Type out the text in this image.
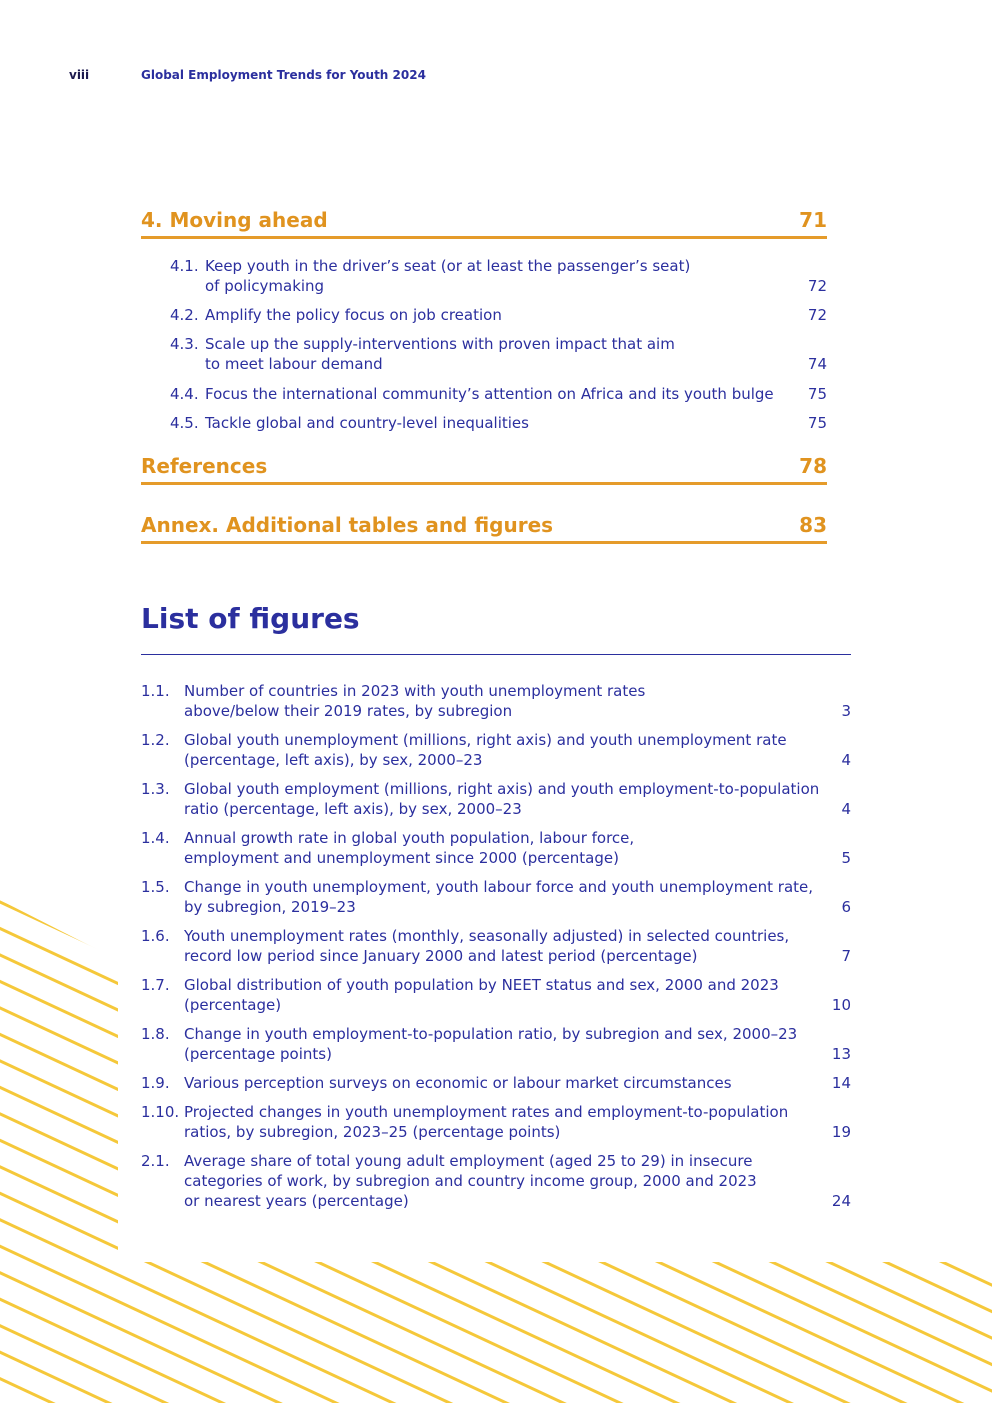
viii	Global Employment Trends for Youth 2024
4. Moving ahead	71
4.1. Keep youth in the driver’s seat (or at least the passenger’s seat)
of policymaking	72
4.2. Amplify the policy focus on job creation	72
4.3. Scale up the supply-interventions with proven impact that aim
to meet labour demand	74
4.4. Focus the international community’s attention on Africa and its youth bulge	75
4.5. Tackle global and country-level inequalities	75
References	78
Annex. Additional tables and figures	83
List of figures
1.1. Number of countries in 2023 with youth unemployment rates
above/below their 2019 rates, by subregion	3
1.2. Global youth unemployment (millions, right axis) and youth unemployment rate
(percentage, left axis), by sex, 2000–23	4
1.3. Global youth employment (millions, right axis) and youth employment-to-population
ratio (percentage, left axis), by sex, 2000–23	4
1.4. Annual growth rate in global youth population, labour force,
employment and unemployment since 2000 (percentage)	5
1.5. Change in youth unemployment, youth labour force and youth unemployment rate,
by subregion, 2019–23	6
1.6. Youth unemployment rates (monthly, seasonally adjusted) in selected countries,
record low period since January 2000 and latest period (percentage)	7
1.7. Global distribution of youth population by NEET status and sex, 2000 and 2023
(percentage)	10
1.8. Change in youth employment-to-population ratio, by subregion and sex, 2000–23
(percentage points)	13
1.9. Various perception surveys on economic or labour market circumstances	14
1.10. Projected changes in youth unemployment rates and employment-to-population
ratios, by subregion, 2023–25 (percentage points)	19
2.1. Average share of total young adult employment (aged 25 to 29) in insecure
categories of work, by subregion and country income group, 2000 and 2023
or nearest years (percentage)	24
